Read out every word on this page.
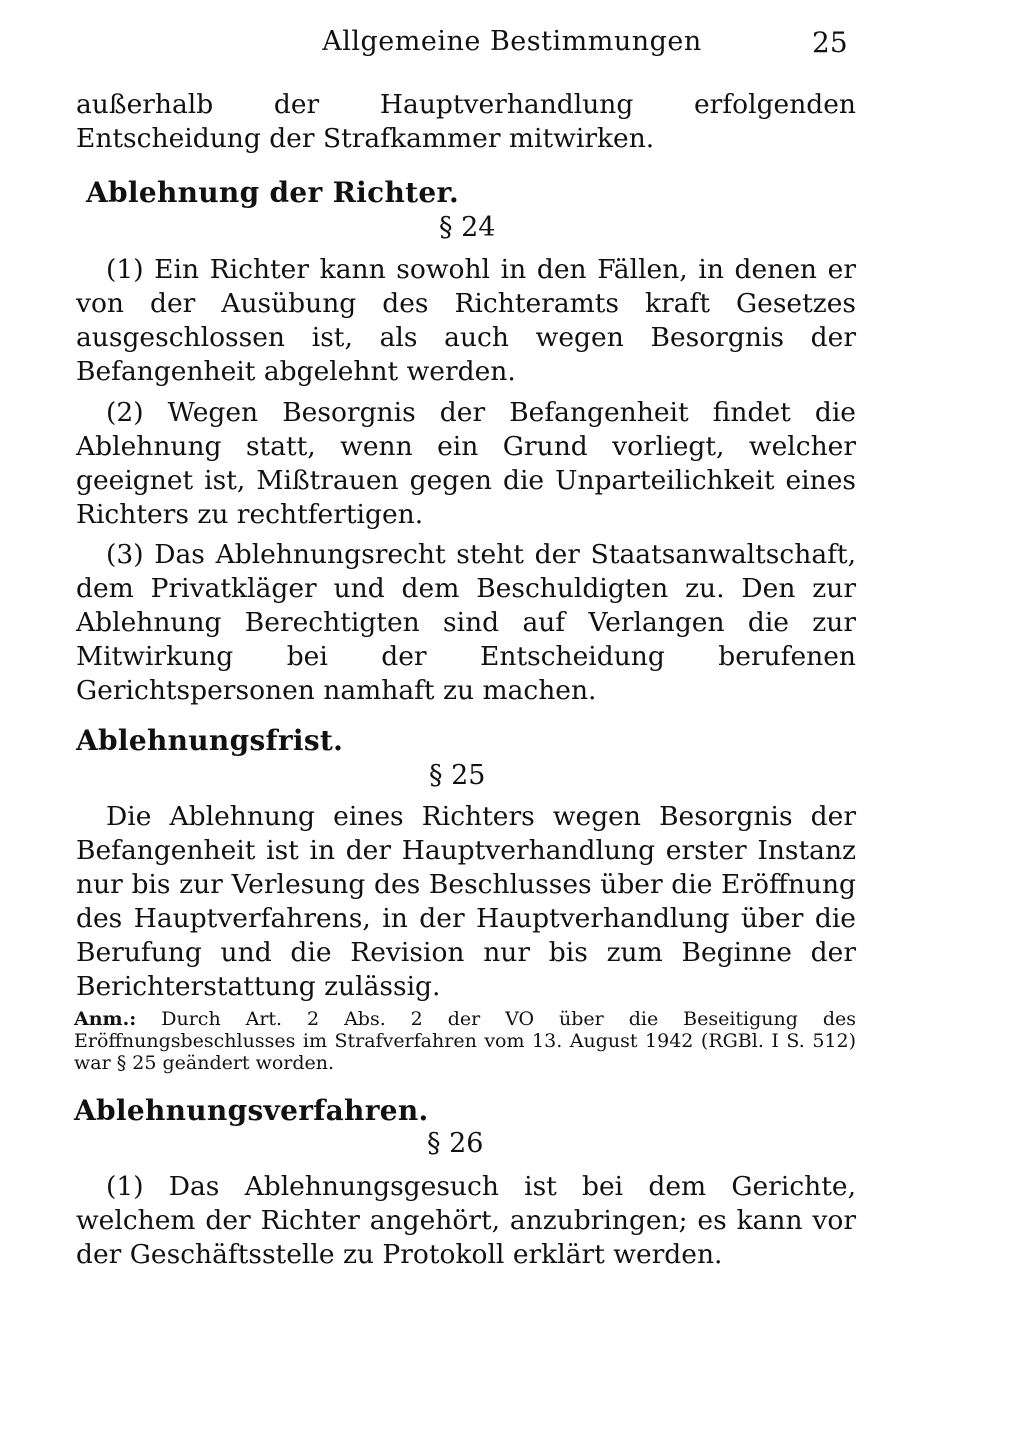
Allgemeine Bestimmungen	25
außerhalb der Hauptverhandlung erfolgenden Entscheidung der Strafkammer mitwirken.
Ablehnung der Richter.
§ 24
(1) Ein Richter kann sowohl in den Fällen, in denen er von der Ausübung des Richteramts kraft Gesetzes ausgeschlossen ist, als auch wegen Besorgnis der Befangenheit abgelehnt werden.
(2) Wegen Besorgnis der Befangenheit findet die Ablehnung statt, wenn ein Grund vorliegt, welcher geeignet ist, Mißtrauen gegen die Unparteilichkeit eines Richters zu rechtfertigen.
(3) Das Ablehnungsrecht steht der Staatsanwaltschaft, dem Privatkläger und dem Beschuldigten zu. Den zur Ablehnung Berechtigten sind auf Verlangen die zur Mitwirkung bei der Entscheidung berufenen Gerichtspersonen namhaft zu machen.
Ablehnungsfrist.
§ 25
Die Ablehnung eines Richters wegen Besorgnis der Befangenheit ist in der Hauptverhandlung erster Instanz nur bis zur Verlesung des Beschlusses über die Eröffnung des Hauptverfahrens, in der Hauptverhandlung über die Berufung und die Revision nur bis zum Beginne der Berichterstattung zulässig.
Anm.: Durch Art. 2 Abs. 2 der VO über die Beseitigung des Eröffnungsbeschlusses im Strafverfahren vom 13. August 1942 (RGBl. I S. 512) war § 25 geändert worden.
Ablehnungsverfahren.
§ 26
(1) Das Ablehnungsgesuch ist bei dem Gerichte, welchem der Richter angehört, anzubringen; es kann vor der Geschäftsstelle zu Protokoll erklärt werden.
